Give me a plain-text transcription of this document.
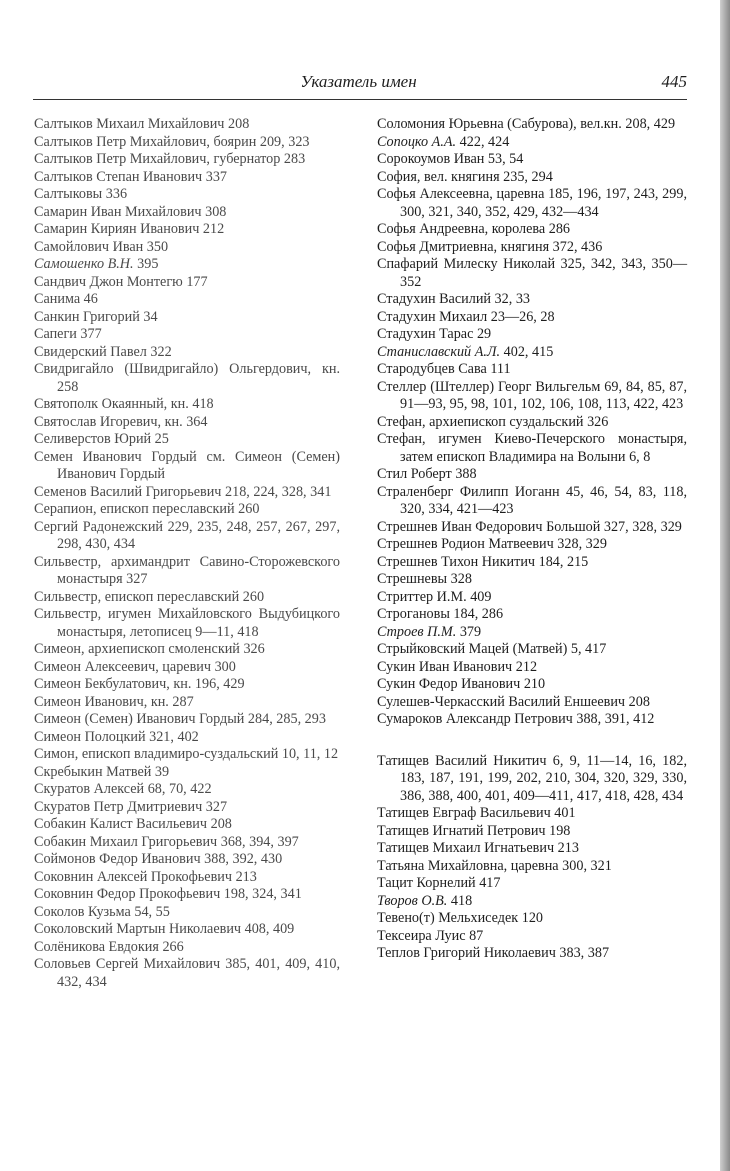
Указатель имен	445

Салтыков Михаил Михайлович 208

Салтыков Петр Михайлович, боярин 209, 323

Салтыков Петр Михайлович, губернатор 283

Салтыков Степан Иванович 337

Салтыковы 336

Самарин Иван Михайлович 308

Самарин Кириян Иванович 212

Самойлович Иван 350

Самошенко В.Н. 395

Сандвич Джон Монтегю 177

Санима 46

Санкин Григорий 34

Сапеги 377

Свидерский Павел 322

Свидригайло (Швидригайло) Ольгердович, кн. 258

Святополк Окаянный, кн. 418

Святослав Игоревич, кн. 364

Селиверстов Юрий 25

Семен Иванович Гордый см. Симеон (Семен) Иванович Гордый

Семенов Василий Григорьевич 218, 224, 328, 341

Серапион, епископ переславский 260

Сергий Радонежский 229, 235, 248, 257, 267, 297, 298, 430, 434

Сильвестр, архимандрит Савино-Сторожевского монастыря 327

Сильвестр, епископ переславский 260

Сильвестр, игумен Михайловского Выдубицкого монастыря, летописец 9—11, 418

Симеон, архиепископ смоленский 326

Симеон Алексеевич, царевич 300

Симеон Бекбулатович, кн. 196, 429

Симеон Иванович, кн. 287

Симеон (Семен) Иванович Гордый 284, 285, 293

Симеон Полоцкий 321, 402

Симон, епископ владимиро-суздальский 10, 11, 12

Скребыкин Матвей 39

Скуратов Алексей 68, 70, 422

Скуратов Петр Дмитриевич 327

Собакин Калист Васильевич 208

Собакин Михаил Григорьевич 368, 394, 397

Соймонов Федор Иванович 388, 392, 430

Соковнин Алексей Прокофьевич 213

Соковнин Федор Прокофьевич 198, 324, 341

Соколов Кузьма 54, 55

Соколовский Мартын Николаевич 408, 409

Солёникова Евдокия 266

Соловьев Сергей Михайлович 385, 401, 409, 410, 432, 434

Соломония Юрьевна (Сабурова), вел.кн. 208, 429

Сопоцко А.А. 422, 424

Сорокоумов Иван 53, 54

София, вел. княгиня 235, 294

Софья Алексеевна, царевна 185, 196, 197, 243, 299, 300, 321, 340, 352, 429, 432—434

Софья Андреевна, королева 286

Софья Дмитриевна, княгиня 372, 436

Спафарий Милеску Николай 325, 342, 343, 350—352

Стадухин Василий 32, 33

Стадухин Михаил 23—26, 28

Стадухин Тарас 29

Станиславский А.Л. 402, 415

Стародубцев Сава 111

Стеллер (Штеллер) Георг Вильгельм 69, 84, 85, 87, 91—93, 95, 98, 101, 102, 106, 108, 113, 422, 423

Стефан, архиепископ суздальский 326

Стефан, игумен Киево-Печерского монастыря, затем епископ Владимира на Волыни 6, 8

Стил Роберт 388

Страленберг Филипп Иоганн 45, 46, 54, 83, 118, 320, 334, 421—423

Стрешнев Иван Федорович Большой 327, 328, 329

Стрешнев Родион Матвеевич 328, 329

Стрешнев Тихон Никитич 184, 215

Стрешневы 328

Стриттер И.М. 409

Строгановы 184, 286

Строев П.М. 379

Стрыйковский Мацей (Матвей) 5, 417

Сукин Иван Иванович 212

Сукин Федор Иванович 210

Сулешев-Черкасский Василий Еншеевич 208

Сумароков Александр Петрович 388, 391, 412

Татищев Василий Никитич 6, 9, 11—14, 16, 182, 183, 187, 191, 199, 202, 210, 304, 320, 329, 330, 386, 388, 400, 401, 409—411, 417, 418, 428, 434

Татищев Евграф Васильевич 401

Татищев Игнатий Петрович 198

Татищев Михаил Игнатьевич 213

Татьяна Михайловна, царевна 300, 321

Тацит Корнелий 417

Творов О.В. 418

Тевено(т) Мельхиседек 120

Тексеира Луис 87

Теплов Григорий Николаевич 383, 387
